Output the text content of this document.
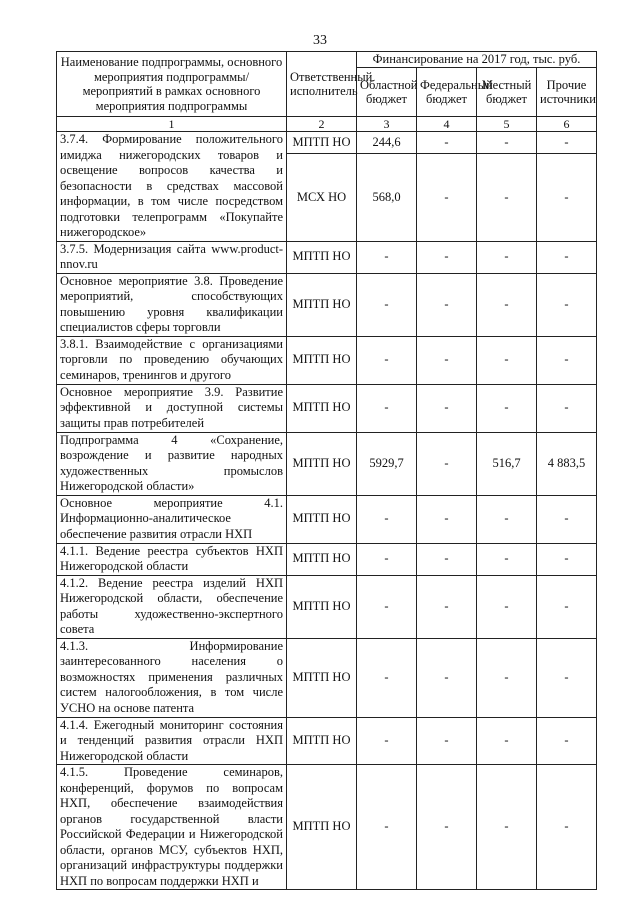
33
Наименование подпрограммы, основного мероприятия подпрограммы/мероприятий в рамках основного мероприятия подпрограммы	Ответственный исполнитель	Финансирование на 2017 год, тыс. руб.			
		Областной бюджет	Федеральный бюджет	Местный бюджет	Прочие источники
1	2	3	4	5	6
3.7.4. Формирование положительного имиджа нижегородских товаров и освещение вопросов качества и безопасности в средствах массовой информации, в том числе посредством подготовки телепрограмм «Покупайте нижегородское»	МПТП НО	244,6	-	-	-
	МСХ НО	568,0	-	-	-
3.7.5. Модернизация сайта www.product-nnov.ru	МПТП НО	-	-	-	-
Основное мероприятие 3.8. Проведение мероприятий, способствующих повышению уровня квалификации специалистов сферы торговли	МПТП НО	-	-	-	-
3.8.1. Взаимодействие с организациями торговли по проведению обучающих семинаров, тренингов и другого	МПТП НО	-	-	-	-
Основное мероприятие 3.9. Развитие эффективной и доступной системы защиты прав потребителей	МПТП НО	-	-	-	-
Подпрограмма 4 «Сохранение, возрождение и развитие народных художественных промыслов Нижегородской области»	МПТП НО	5929,7	-	516,7	4 883,5
Основное мероприятие 4.1. Информационно-аналитическое обеспечение развития отрасли НХП	МПТП НО	-	-	-	-
4.1.1. Ведение реестра субъектов НХП Нижегородской области	МПТП НО	-	-	-	-
4.1.2. Ведение реестра изделий НХП Нижегородской области, обеспечение работы художественно-экспертного совета	МПТП НО	-	-	-	-
4.1.3. Информирование заинтересованного населения о возможностях применения различных систем налогообложения, в том числе УСНО на основе патента	МПТП НО	-	-	-	-
4.1.4. Ежегодный мониторинг состояния и тенденций развития отрасли НХП Нижегородской области	МПТП НО	-	-	-	-
4.1.5. Проведение семинаров, конференций, форумов по вопросам НХП, обеспечение взаимодействия органов государственной власти Российской Федерации и Нижегородской области, органов МСУ, субъектов НХП, организаций инфраструктуры поддержки НХП по вопросам поддержки НХП и	МПТП НО	-	-	-	-
